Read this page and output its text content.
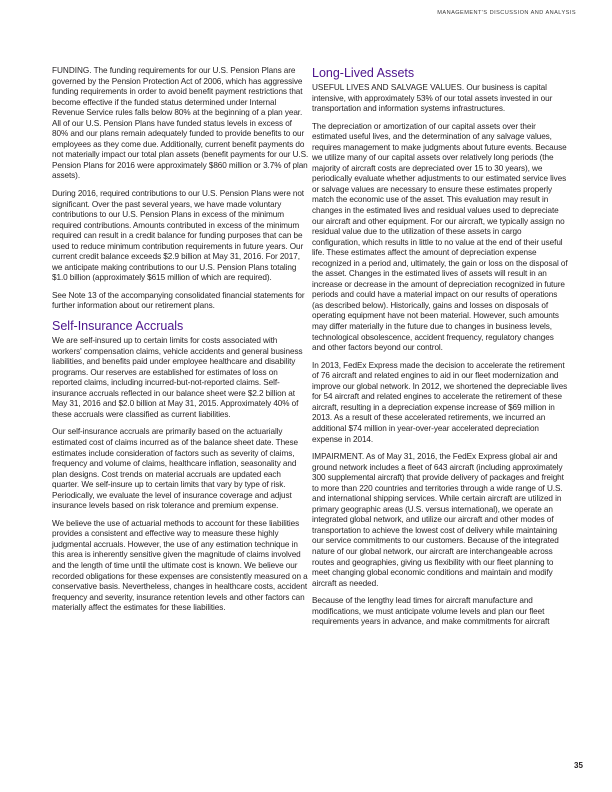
MANAGEMENT'S DISCUSSION AND ANALYSIS

FUNDING. The funding requirements for our U.S. Pension Plans are governed by the Pension Protection Act of 2006, which has aggressive funding requirements in order to avoid benefit payment restrictions that become effective if the funded status determined under Internal Revenue Service rules falls below 80% at the beginning of a plan year. All of our U.S. Pension Plans have funded status levels in excess of 80% and our plans remain adequately funded to provide benefits to our employees as they come due. Additionally, current benefit payments do not materially impact our total plan assets (benefit payments for our U.S. Pension Plans for 2016 were approximately $860 million or 3.7% of plan assets).

During 2016, required contributions to our U.S. Pension Plans were not significant. Over the past several years, we have made voluntary contributions to our U.S. Pension Plans in excess of the minimum required contributions. Amounts contributed in excess of the minimum required can result in a credit balance for funding purposes that can be used to reduce minimum contribution requirements in future years. Our current credit balance exceeds $2.9 billion at May 31, 2016. For 2017, we anticipate making contributions to our U.S. Pension Plans totaling $1.0 billion (approximately $615 million of which are required).

See Note 13 of the accompanying consolidated financial statements for further information about our retirement plans.

Self-Insurance Accruals

We are self-insured up to certain limits for costs associated with workers' compensation claims, vehicle accidents and general business liabilities, and benefits paid under employee healthcare and disability programs. Our reserves are established for estimates of loss on reported claims, including incurred-but-not-reported claims. Self-insurance accruals reflected in our balance sheet were $2.2 billion at May 31, 2016 and $2.0 billion at May 31, 2015. Approximately 40% of these accruals were classified as current liabilities.

Our self-insurance accruals are primarily based on the actuarially estimated cost of claims incurred as of the balance sheet date. These estimates include consideration of factors such as severity of claims, frequency and volume of claims, healthcare inflation, seasonality and plan designs. Cost trends on material accruals are updated each quarter. We self-insure up to certain limits that vary by type of risk. Periodically, we evaluate the level of insurance coverage and adjust insurance levels based on risk tolerance and premium expense.

We believe the use of actuarial methods to account for these liabilities provides a consistent and effective way to measure these highly judgmental accruals. However, the use of any estimation technique in this area is inherently sensitive given the magnitude of claims involved and the length of time until the ultimate cost is known. We believe our recorded obligations for these expenses are consistently measured on a conservative basis. Nevertheless, changes in healthcare costs, accident frequency and severity, insurance retention levels and other factors can materially affect the estimates for these liabilities.

Long-Lived Assets

USEFUL LIVES AND SALVAGE VALUES. Our business is capital intensive, with approximately 53% of our total assets invested in our transportation and information systems infrastructures.

The depreciation or amortization of our capital assets over their estimated useful lives, and the determination of any salvage values, requires management to make judgments about future events. Because we utilize many of our capital assets over relatively long periods (the majority of aircraft costs are depreciated over 15 to 30 years), we periodically evaluate whether adjustments to our estimated service lives or salvage values are necessary to ensure these estimates properly match the economic use of the asset. This evaluation may result in changes in the estimated lives and residual values used to depreciate our aircraft and other equipment. For our aircraft, we typically assign no residual value due to the utilization of these assets in cargo configuration, which results in little to no value at the end of their useful life. These estimates affect the amount of depreciation expense recognized in a period and, ultimately, the gain or loss on the disposal of the asset. Changes in the estimated lives of assets will result in an increase or decrease in the amount of depreciation recognized in future periods and could have a material impact on our results of operations (as described below). Historically, gains and losses on disposals of operating equipment have not been material. However, such amounts may differ materially in the future due to changes in business levels, technological obsolescence, accident frequency, regulatory changes and other factors beyond our control.

In 2013, FedEx Express made the decision to accelerate the retirement of 76 aircraft and related engines to aid in our fleet modernization and improve our global network. In 2012, we shortened the depreciable lives for 54 aircraft and related engines to accelerate the retirement of these aircraft, resulting in a depreciation expense increase of $69 million in 2013. As a result of these accelerated retirements, we incurred an additional $74 million in year-over-year accelerated depreciation expense in 2014.

IMPAIRMENT. As of May 31, 2016, the FedEx Express global air and ground network includes a fleet of 643 aircraft (including approximately 300 supplemental aircraft) that provide delivery of packages and freight to more than 220 countries and territories through a wide range of U.S. and international shipping services. While certain aircraft are utilized in primary geographic areas (U.S. versus international), we operate an integrated global network, and utilize our aircraft and other modes of transportation to achieve the lowest cost of delivery while maintaining our service commitments to our customers. Because of the integrated nature of our global network, our aircraft are interchangeable across routes and geographies, giving us flexibility with our fleet planning to meet changing global economic conditions and maintain and modify aircraft as needed.

Because of the lengthy lead times for aircraft manufacture and modifications, we must anticipate volume levels and plan our fleet requirements years in advance, and make commitments for aircraft

35
